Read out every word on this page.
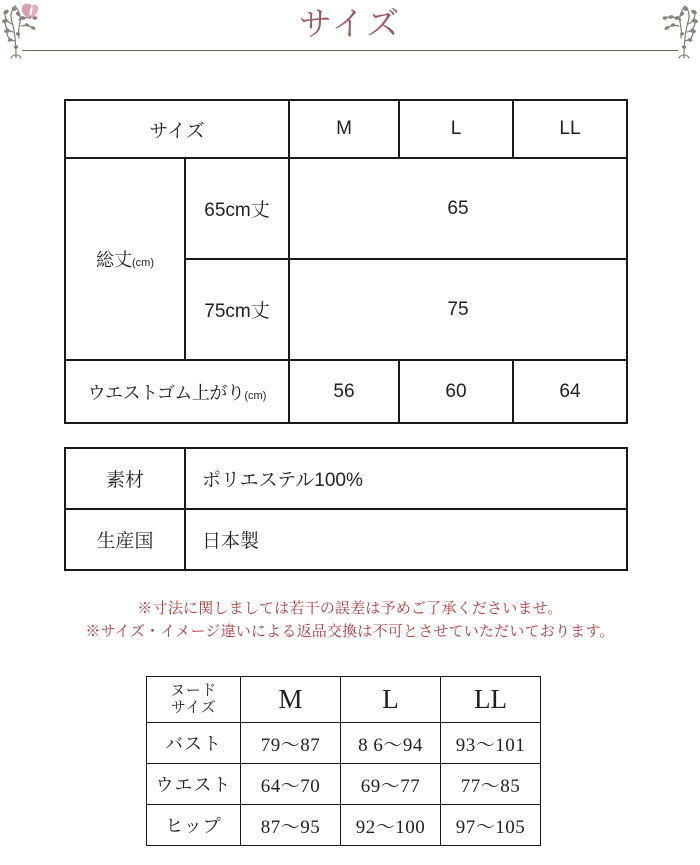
サイズ
サイズ		M	L	LL
総丈(cm)	65cm丈	65		
	75cm丈	75		
ウエストゴム上がり(cm)		56	60	64
素材	ポリエステル100%
生産国	日本製
※寸法に関しましては若干の誤差は予めご了承くださいませ。
※サイズ・イメージ違いによる返品交換は不可とさせていただいております。
ヌード
サイズ	M	L	LL
バスト	79～87	8 6～94	93～101
ウエスト	64～70	69～77	77～85
ヒップ	87～95	92～100	97～105
